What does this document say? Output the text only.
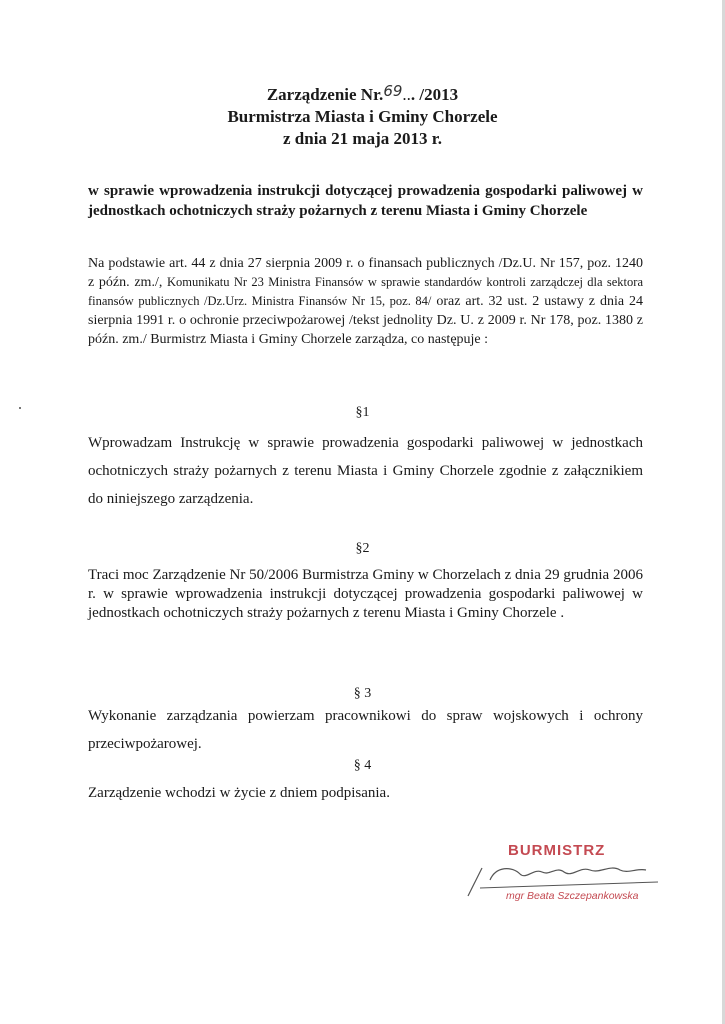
Zarządzenie Nr.69... /2013
Burmistrza Miasta i Gminy Chorzele
z dnia 21 maja 2013 r.
w sprawie wprowadzenia instrukcji dotyczącej prowadzenia gospodarki paliwowej w jednostkach ochotniczych straży pożarnych z terenu Miasta i Gminy Chorzele
Na podstawie art. 44 z dnia 27 sierpnia 2009 r. o finansach publicznych /Dz.U. Nr 157, poz. 1240 z późn. zm./, Komunikatu Nr 23 Ministra Finansów w sprawie standardów kontroli zarządczej dla sektora finansów publicznych /Dz.Urz. Ministra Finansów Nr 15, poz. 84/ oraz art. 32 ust. 2 ustawy z dnia 24 sierpnia 1991 r. o ochronie przeciwpożarowej /tekst jednolity Dz. U. z 2009 r. Nr 178, poz. 1380 z późn. zm./ Burmistrz Miasta i Gminy Chorzele zarządza, co następuje :
§1
Wprowadzam Instrukcję w sprawie prowadzenia gospodarki paliwowej w jednostkach ochotniczych straży pożarnych z terenu Miasta i Gminy Chorzele zgodnie z załącznikiem do niniejszego zarządzenia.
§2
Traci moc Zarządzenie Nr 50/2006 Burmistrza Gminy w Chorzelach z dnia 29 grudnia 2006 r. w sprawie wprowadzenia instrukcji dotyczącej prowadzenia gospodarki paliwowej w jednostkach ochotniczych straży pożarnych z terenu Miasta i Gminy Chorzele .
§ 3
Wykonanie zarządzania powierzam pracownikowi do spraw wojskowych i ochrony przeciwpożarowej.
§ 4
Zarządzenie wchodzi w życie z dniem podpisania.
BURMISTRZ
mgr Beata Szczepankowska
